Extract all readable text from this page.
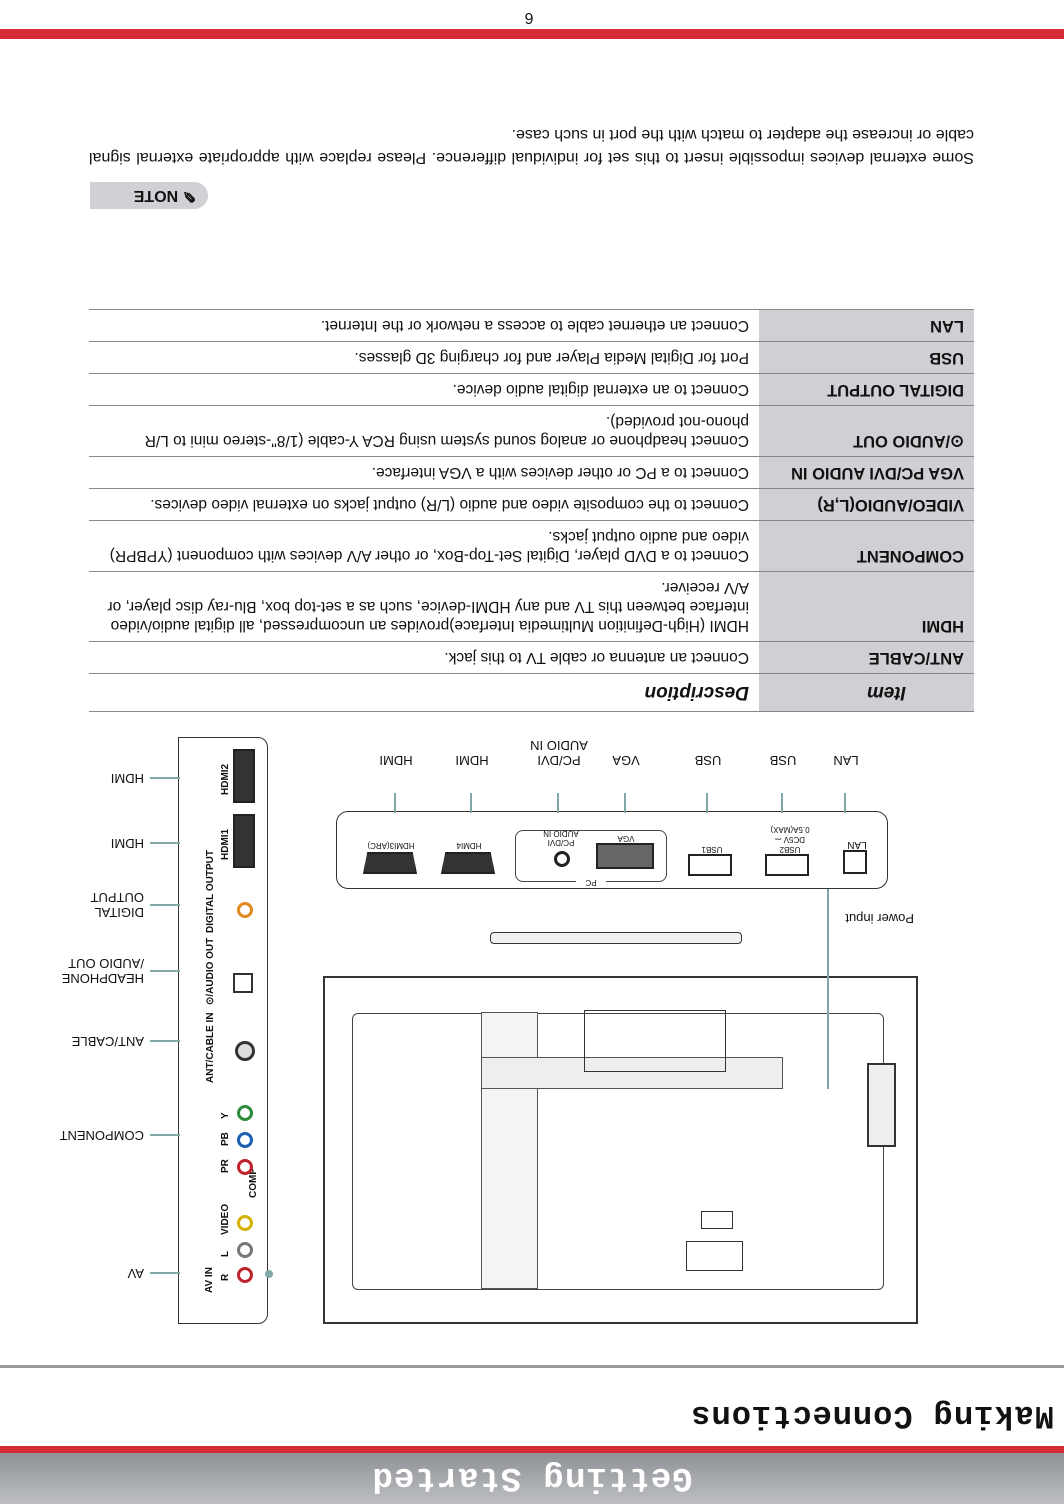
Getting Started
Making Connections
AV IN R
L
VIDEO
COMP
PR
PB
Y
ANT/CABLE IN
⊙/AUDIO OUT
DIGITAL OUTPUT
HDMI1
HDMI2
AV
COMPONENT
ANT/CABLE
HEADPHONE /AUDIO OUT
DIGITAL OUTPUT
HDMI
HDMI
Power input
LAN
USB2
DC5V ⎓ 0.5A(MAX)
USB1
VGA
PC/DVI AUDIO IN
PC
HDMI4
HDMI3(ARC)
LAN
USB
USB
VGA
PC/DVI AUDIO IN
HDMI
HDMI
Item	Description
ANT/CABLE	Connect an antenna or cable TV to this jack.
HDMI	HDMI (High-Definition Multimedia Interface)provides an uncompressed, all digital audio/video interface between this TV and any HDMI-device, such as a set-top box, Blu-ray disc player, or A/V receiver.
COMPONENT	Connect to a DVD player, Digital Set-Top-Box, or other A/V devices with component (YPBPR) video and audio output jacks.
VIDEO/AUDIO(L,R)	Connect to the composite video and audio (L/R) output jacks on external video devices.
VGA PC/DVI AUDIO IN	Connect to a PC or other devices with a VGA interface.
⊙/AUDIO OUT	Connect headphone or analog sound system using RCA Y-cable (1/8"-stereo mini to L/R phono-not provided).
DIGITAL OUTPUT	Connect to an external digital audio device.
USB	Port for Digital Media Player and for charging 3D glasses.
LAN	Connect an ethernet cable to access a network or the Internet.
✎ NOTE
Some external devices impossible insert to this set for individual difference. Please replace with appropriate external signal cable or increase the adapter to match with the port in such case.
6
